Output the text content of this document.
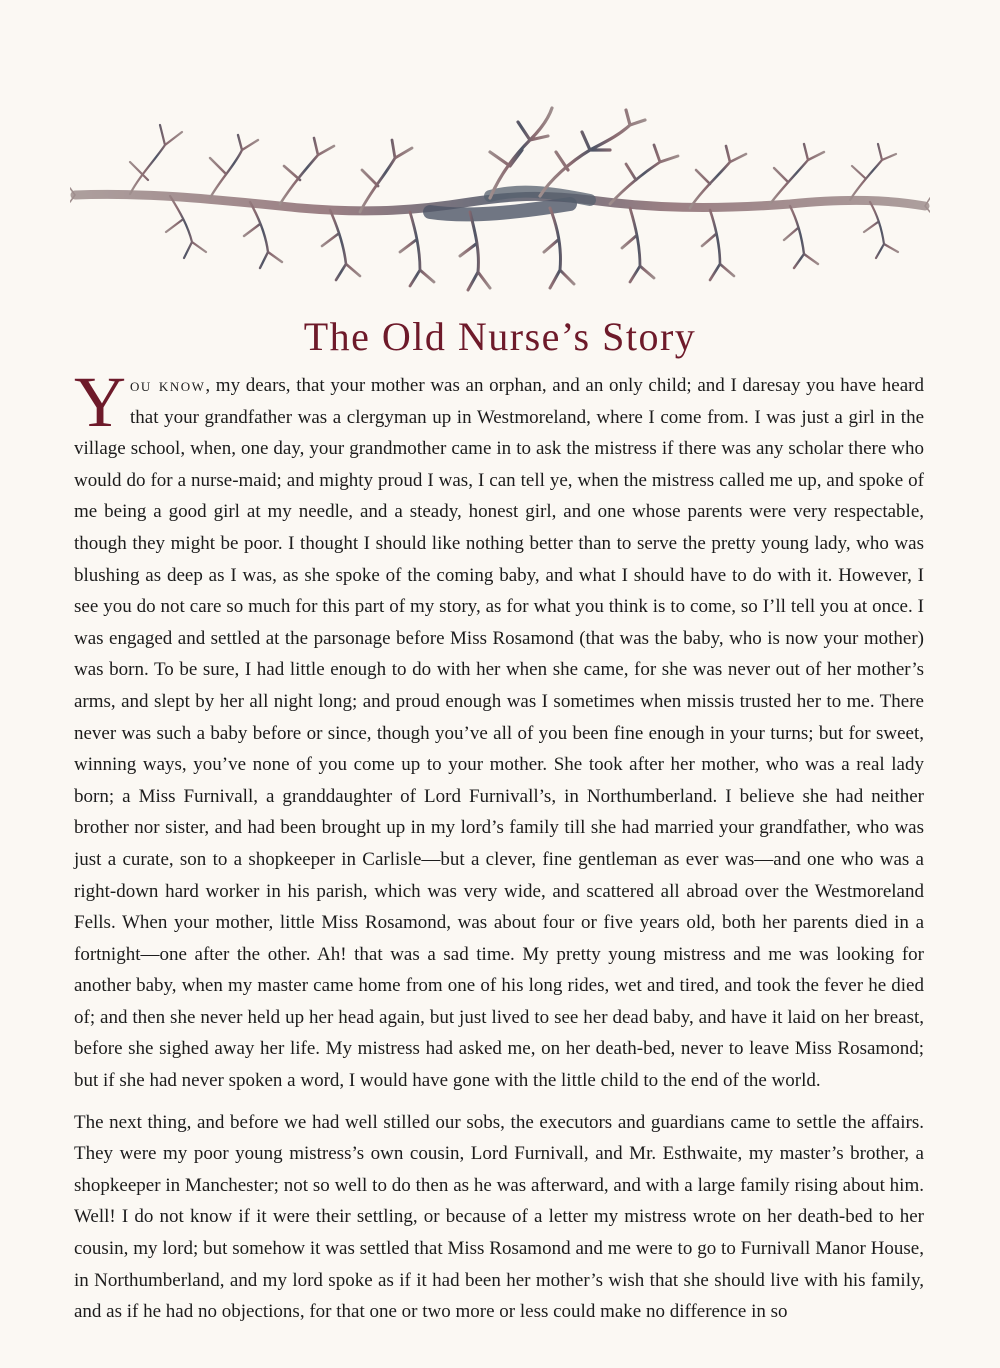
The Old Nurse’s Story

You know, my dears, that your mother was an orphan, and an only child; and I daresay you have heard that your grandfather was a clergyman up in Westmoreland, where I come from. I was just a girl in the village school, when, one day, your grandmother came in to ask the mistress if there was any scholar there who would do for a nurse-maid; and mighty proud I was, I can tell ye, when the mistress called me up, and spoke of me being a good girl at my needle, and a steady, honest girl, and one whose parents were very respectable, though they might be poor. I thought I should like nothing better than to serve the pretty young lady, who was blushing as deep as I was, as she spoke of the coming baby, and what I should have to do with it. However, I see you do not care so much for this part of my story, as for what you think is to come, so I’ll tell you at once. I was engaged and settled at the parsonage before Miss Rosamond (that was the baby, who is now your mother) was born. To be sure, I had little enough to do with her when she came, for she was never out of her mother’s arms, and slept by her all night long; and proud enough was I sometimes when missis trusted her to me. There never was such a baby before or since, though you’ve all of you been fine enough in your turns; but for sweet, winning ways, you’ve none of you come up to your mother. She took after her mother, who was a real lady born; a Miss Furnivall, a granddaughter of Lord Furnivall’s, in Northumberland. I believe she had neither brother nor sister, and had been brought up in my lord’s family till she had married your grandfather, who was just a curate, son to a shopkeeper in Carlisle—but a clever, fine gentleman as ever was—and one who was a right-down hard worker in his parish, which was very wide, and scattered all abroad over the Westmoreland Fells. When your mother, little Miss Rosamond, was about four or five years old, both her parents died in a fortnight—one after the other. Ah! that was a sad time. My pretty young mistress and me was looking for another baby, when my master came home from one of his long rides, wet and tired, and took the fever he died of; and then she never held up her head again, but just lived to see her dead baby, and have it laid on her breast, before she sighed away her life. My mistress had asked me, on her death-bed, never to leave Miss Rosamond; but if she had never spoken a word, I would have gone with the little child to the end of the world.

The next thing, and before we had well stilled our sobs, the executors and guardians came to settle the affairs. They were my poor young mistress’s own cousin, Lord Furnivall, and Mr. Esthwaite, my master’s brother, a shopkeeper in Manchester; not so well to do then as he was afterward, and with a large family rising about him. Well! I do not know if it were their settling, or because of a letter my mistress wrote on her death-bed to her cousin, my lord; but somehow it was settled that Miss Rosamond and me were to go to Furnivall Manor House, in Northumberland, and my lord spoke as if it had been her mother’s wish that she should live with his family, and as if he had no objections, for that one or two more or less could make no difference in so
